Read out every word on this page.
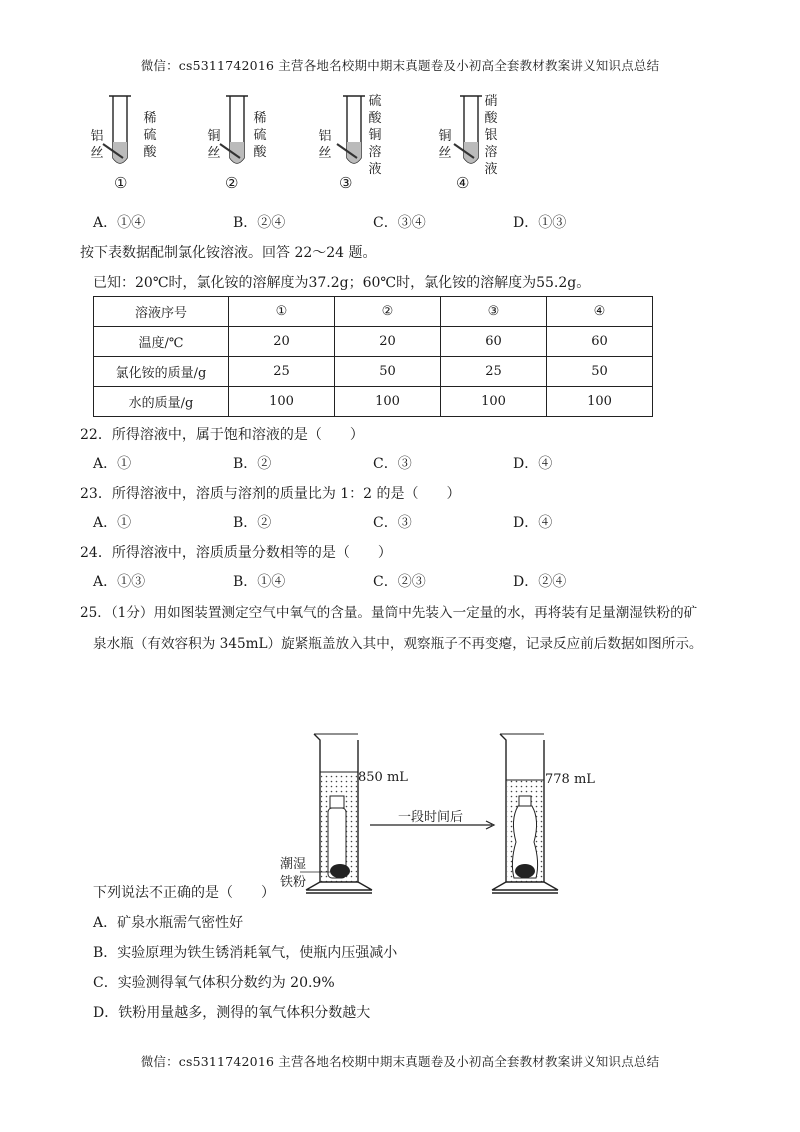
微信：cs5311742016 主营各地名校期中期末真题卷及小初高全套教材教案讲义知识点总结
铝
丝
稀
硫
酸
①
铜
丝
稀
硫
酸
②
铝
丝
硫
酸
铜
溶
液
③
铜
丝
硝
酸
银
溶
液
④
A．①④	B．②④	C．③④	D．①③
按下表数据配制氯化铵溶液。回答 22～24 题。
已知：20℃时，氯化铵的溶解度为37.2g；60℃时，氯化铵的溶解度为55.2g。
溶液序号	①	②	③	④
温度/℃	20	20	60	60
氯化铵的质量/g	25	50	25	50
水的质量/g	100	100	100	100
22．所得溶液中，属于饱和溶液的是（　　）
A．①	B．②	C．③	D．④
23．所得溶液中，溶质与溶剂的质量比为 1：2 的是（　　）
A．①	B．②	C．③	D．④
24．所得溶液中，溶质质量分数相等的是（　　）
A．①③	B．①④	C．②③	D．②④
25．（1分）用如图装置测定空气中氧气的含量。量筒中先装入一定量的水，再将装有足量潮湿铁粉的矿
泉水瓶（有效容积为 345mL）旋紧瓶盖放入其中，观察瓶子不再变瘪，记录反应前后数据如图所示。
850 mL	778 mL
一段时间后
潮湿
铁粉
下列说法不正确的是（　　）
A．矿泉水瓶需气密性好
B．实验原理为铁生锈消耗氧气，使瓶内压强减小
C．实验测得氧气体积分数约为 20.9%
D．铁粉用量越多，测得的氧气体积分数越大
微信：cs5311742016 主营各地名校期中期末真题卷及小初高全套教材教案讲义知识点总结
